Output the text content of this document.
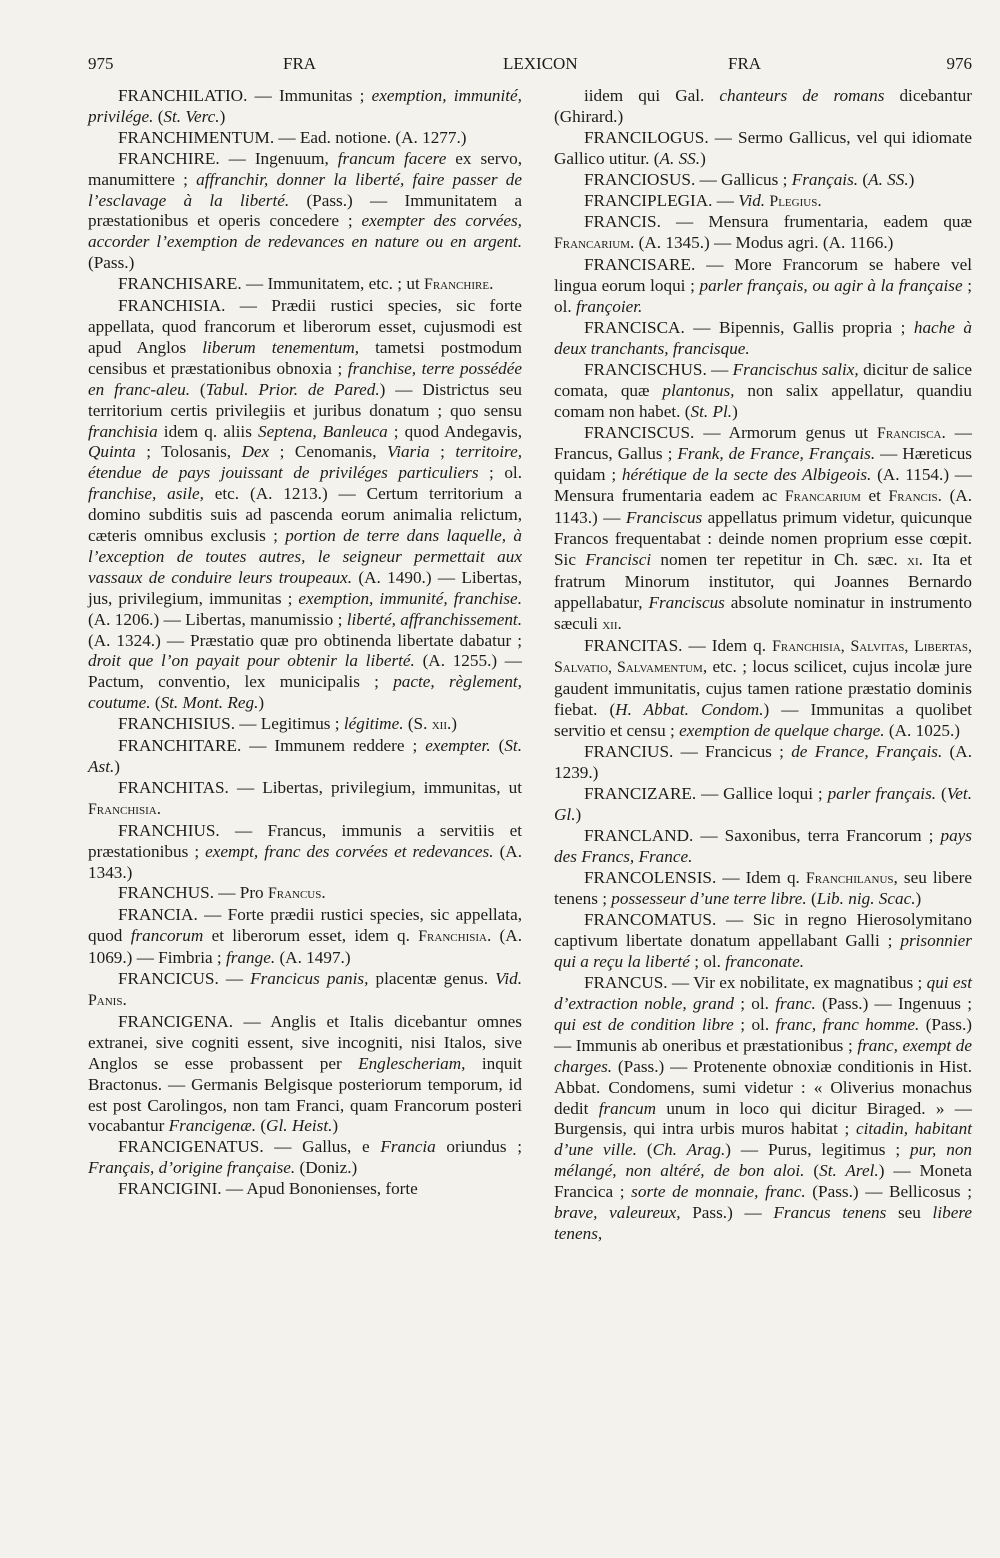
975	FRA	LEXICON	FRA	976

FRANCHILATIO. — Immunitas ; exemption, immunité, privilége. (St. Verc.)

FRANCHIMENTUM. — Ead. notione. (A. 1277.)

FRANCHIRE. — Ingenuum, francum facere ex servo, manumittere ; affranchir, donner la liberté, faire passer de l’esclavage à la liberté. (Pass.) — Immunitatem a præstationibus et operis concedere ; exempter des corvées, accorder l’exemption de redevances en nature ou en argent. (Pass.)

FRANCHISARE. — Immunitatem, etc. ; ut Franchire.

FRANCHISIA. — Prædii rustici species, sic forte appellata, quod francorum et liberorum esset, cujusmodi est apud Anglos liberum tenementum, tametsi postmodum censibus et præstationibus obnoxia ; franchise, terre possédée en franc-aleu. (Tabul. Prior. de Pared.) — Districtus seu territorium certis privilegiis et juribus donatum ; quo sensu franchisia idem q. aliis Septena, Banleuca ; quod Andegavis, Quinta ; Tolosanis, Dex ; Cenomanis, Viaria ; territoire, étendue de pays jouissant de priviléges particuliers ; ol. franchise, asile, etc. (A. 1213.) — Certum territorium a domino subditis suis ad pascenda eorum animalia relictum, cæteris omnibus exclusis ; portion de terre dans laquelle, à l’exception de toutes autres, le seigneur permettait aux vassaux de conduire leurs troupeaux. (A. 1490.) — Libertas, jus, privilegium, immunitas ; exemption, immunité, franchise. (A. 1206.) — Libertas, manumissio ; liberté, affranchissement. (A. 1324.) — Præstatio quæ pro obtinenda libertate dabatur ; droit que l’on payait pour obtenir la liberté. (A. 1255.) — Pactum, conventio, lex municipalis ; pacte, règlement, coutume. (St. Mont. Reg.)

FRANCHISIUS. — Legitimus ; légitime. (S. xii.)

FRANCHITARE. — Immunem reddere ; exempter. (St. Ast.)

FRANCHITAS. — Libertas, privilegium, immunitas, ut Franchisia.

FRANCHIUS. — Francus, immunis a servitiis et præstationibus ; exempt, franc des corvées et redevances. (A. 1343.)

FRANCHUS. — Pro Francus.

FRANCIA. — Forte prædii rustici species, sic appellata, quod francorum et liberorum esset, idem q. Franchisia. (A. 1069.) — Fimbria ; frange. (A. 1497.)

FRANCICUS. — Francicus panis, placentæ genus. Vid. Panis.

FRANCIGENA. — Anglis et Italis dicebantur omnes extranei, sive cogniti essent, sive incogniti, nisi Italos, sive Anglos se esse probassent per Englescheriam, inquit Bractonus. — Germanis Belgisque posteriorum temporum, id est post Carolingos, non tam Franci, quam Francorum posteri vocabantur Francigenæ. (Gl. Heist.)

FRANCIGENATUS. — Gallus, e Francia oriundus ; Français, d’origine française. (Doniz.)

FRANCIGINI. — Apud Bononienses, forte

iidem qui Gal. chanteurs de romans dicebantur (Ghirard.)

FRANCILOGUS. — Sermo Gallicus, vel qui idiomate Gallico utitur. (A. SS.)

FRANCIOSUS. — Gallicus ; Français. (A. SS.)

FRANCIPLEGIA. — Vid. Plegius.

FRANCIS. — Mensura frumentaria, eadem quæ Francarium. (A. 1345.) — Modus agri. (A. 1166.)

FRANCISARE. — More Francorum se habere vel lingua eorum loqui ; parler français, ou agir à la française ; ol. françoier.

FRANCISCA. — Bipennis, Gallis propria ; hache à deux tranchants, francisque.

FRANCISCHUS. — Francischus salix, dicitur de salice comata, quæ plantonus, non salix appellatur, quandiu comam non habet. (St. Pl.)

FRANCISCUS. — Armorum genus ut Francisca. — Francus, Gallus ; Frank, de France, Français. — Hæreticus quidam ; hérétique de la secte des Albigeois. (A. 1154.) — Mensura frumentaria eadem ac Francarium et Francis. (A. 1143.) — Franciscus appellatus primum videtur, quicunque Francos frequentabat : deinde nomen proprium esse cœpit. Sic Francisci nomen ter repetitur in Ch. sæc. xi. Ita et fratrum Minorum institutor, qui Joannes Bernardo appellabatur, Franciscus absolute nominatur in instrumento sæculi xii.

FRANCITAS. — Idem q. Franchisia, Salvitas, Libertas, Salvatio, Salvamentum, etc. ; locus scilicet, cujus incolæ jure gaudent immunitatis, cujus tamen ratione præstatio dominis fiebat. (H. Abbat. Condom.) — Immunitas a quolibet servitio et censu ; exemption de quelque charge. (A. 1025.)

FRANCIUS. — Francicus ; de France, Français. (A. 1239.)

FRANCIZARE. — Gallice loqui ; parler français. (Vet. Gl.)

FRANCLAND. — Saxonibus, terra Francorum ; pays des Francs, France.

FRANCOLENSIS. — Idem q. Franchilanus, seu libere tenens ; possesseur d’une terre libre. (Lib. nig. Scac.)

FRANCOMATUS. — Sic in regno Hierosolymitano captivum libertate donatum appellabant Galli ; prisonnier qui a reçu la liberté ; ol. franconate.

FRANCUS. — Vir ex nobilitate, ex magnatibus ; qui est d’extraction noble, grand ; ol. franc. (Pass.) — Ingenuus ; qui est de condition libre ; ol. franc, franc homme. (Pass.) — Immunis ab oneribus et præstationibus ; franc, exempt de charges. (Pass.) — Protenente obnoxiæ conditionis in Hist. Abbat. Condomens, sumi videtur : « Oliverius monachus dedit francum unum in loco qui dicitur Biraged. » — Burgensis, qui intra urbis muros habitat ; citadin, habitant d’une ville. (Ch. Arag.) — Purus, legitimus ; pur, non mélangé, non altéré, de bon aloi. (St. Arel.) — Moneta Francica ; sorte de monnaie, franc. (Pass.) — Bellicosus ; brave, valeureux, Pass.) — Francus tenens seu libere tenens,
